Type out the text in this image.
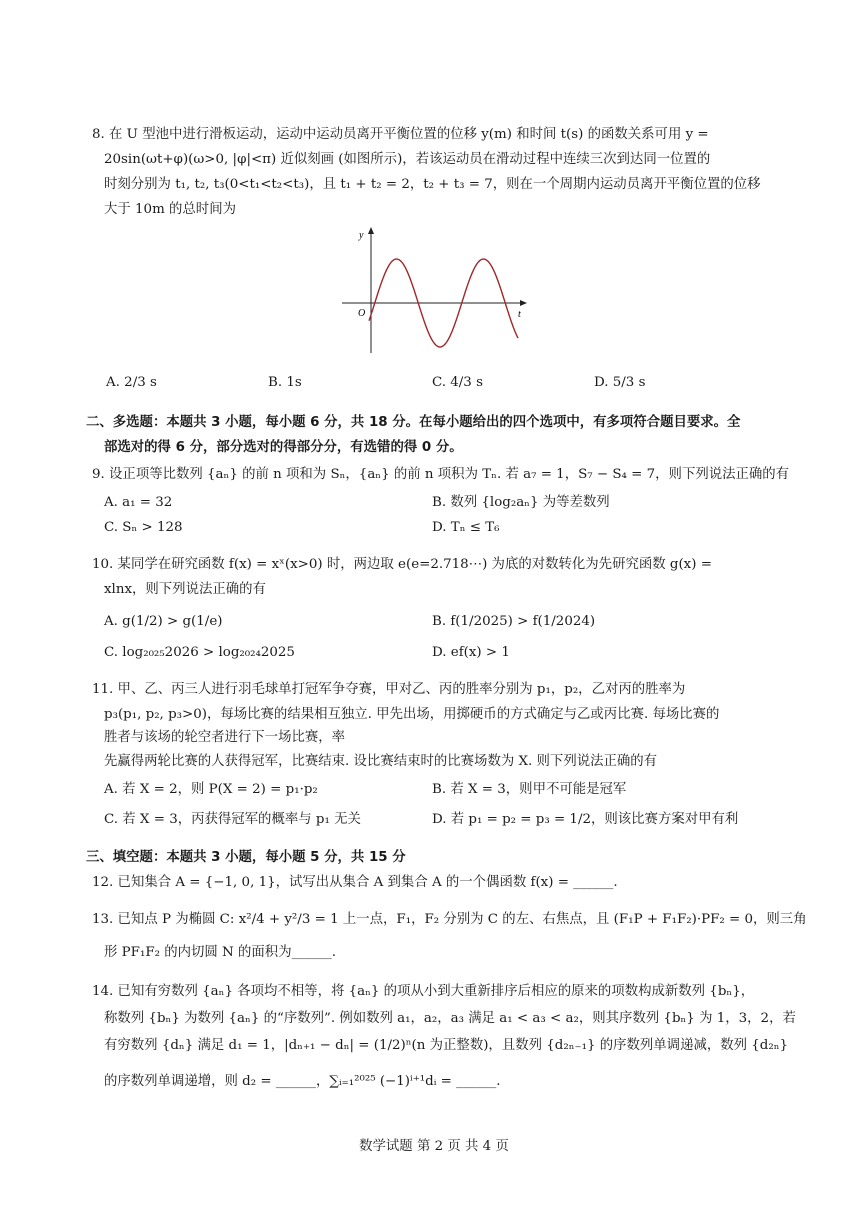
8. 在 U 型池中进行滑板运动，运动中运动员离开平衡位置的位移 y(m) 和时间 t(s) 的函数关系可用 y =
20sin(ωt+φ)(ω>0, |φ|<π) 近似刻画 (如图所示)，若该运动员在滑动过程中连续三次到达同一位置的
时刻分别为 t₁, t₂, t₃(0<t₁<t₂<t₃)，且 t₁ + t₂ = 2，t₂ + t₃ = 7，则在一个周期内运动员离开平衡位置的位移
大于 10m 的总时间为
y
O	t
A. 2/3 s	B. 1s	C. 4/3 s	D. 5/3 s
二、多选题：本题共 3 小题，每小题 6 分，共 18 分。在每小题给出的四个选项中，有多项符合题目要求。全
部选对的得 6 分，部分选对的得部分分，有选错的得 0 分。
9. 设正项等比数列 {aₙ} 的前 n 项和为 Sₙ，{aₙ} 的前 n 项积为 Tₙ. 若 a₇ = 1，S₇ − S₄ = 7，则下列说法正确的有
A. a₁ = 32	B. 数列 {log₂aₙ} 为等差数列
C. Sₙ > 128	D. Tₙ ≤ T₆
10. 某同学在研究函数 f(x) = xˣ(x>0) 时，两边取 e(e=2.718⋯) 为底的对数转化为先研究函数 g(x) =
xlnx，则下列说法正确的有
A. g(1/2) > g(1/e)	B. f(1/2025) > f(1/2024)
C. log₂₀₂₅2026 > log₂₀₂₄2025	D. ef(x) > 1
11. 甲、乙、丙三人进行羽毛球单打冠军争夺赛，甲对乙、丙的胜率分别为 p₁，p₂，乙对丙的胜率为
p₃(p₁, p₂, p₃>0)，每场比赛的结果相互独立. 甲先出场，用掷硬币的方式确定与乙或丙比赛. 每场比赛的
胜者与该场的轮空者进行下一场比赛，率
先赢得两轮比赛的人获得冠军，比赛结束. 设比赛结束时的比赛场数为 X. 则下列说法正确的有
A. 若 X = 2，则 P(X = 2) = p₁·p₂	B. 若 X = 3，则甲不可能是冠军
C. 若 X = 3，丙获得冠军的概率与 p₁ 无关	D. 若 p₁ = p₂ = p₃ = 1/2，则该比赛方案对甲有利
三、填空题：本题共 3 小题，每小题 5 分，共 15 分
12. 已知集合 A = {−1, 0, 1}，试写出从集合 A 到集合 A 的一个偶函数 f(x) = ______.
13. 已知点 P 为椭圆 C: x²/4 + y²/3 = 1 上一点，F₁，F₂ 分别为 C 的左、右焦点，且 (F₁P + F₁F₂)·PF₂ = 0，则三角
形 PF₁F₂ 的内切圆 N 的面积为______.
14. 已知有穷数列 {aₙ} 各项均不相等，将 {aₙ} 的项从小到大重新排序后相应的原来的项数构成新数列 {bₙ}，
称数列 {bₙ} 为数列 {aₙ} 的“序数列”. 例如数列 a₁，a₂，a₃ 满足 a₁ < a₃ < a₂，则其序数列 {bₙ} 为 1，3，2，若
有穷数列 {dₙ} 满足 d₁ = 1，|dₙ₊₁ − dₙ| = (1/2)ⁿ(n 为正整数)，且数列 {d₂ₙ₋₁} 的序数列单调递减，数列 {d₂ₙ}
的序数列单调递增，则 d₂ = ______，∑ᵢ₌₁²⁰²⁵ (−1)ⁱ⁺¹dᵢ = ______.
数学试题 第 2 页 共 4 页
